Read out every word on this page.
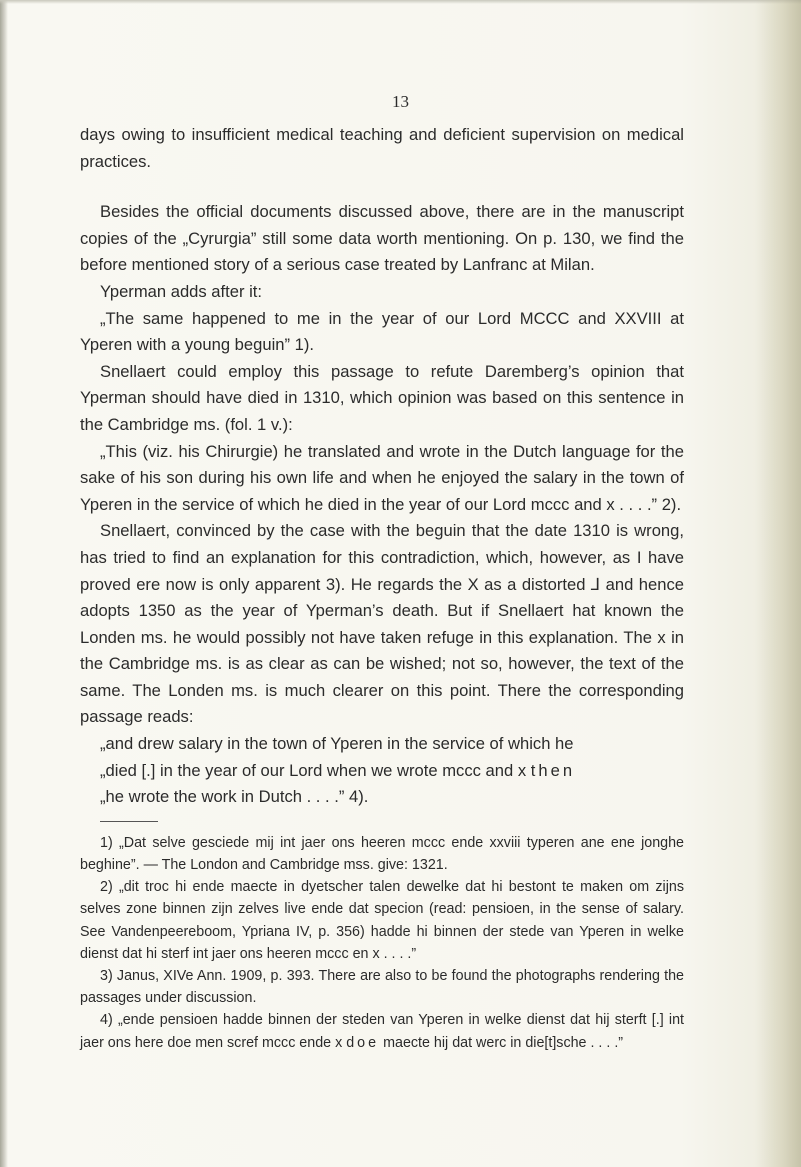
13

days owing to insufficient medical teaching and deficient supervision on medical practices.

Besides the official documents discussed above, there are in the manuscript copies of the „Cyrurgia” still some data worth mentioning. On p. 130, we find the before mentioned story of a serious case treated by Lanfranc at Milan.

Yperman adds after it:

„The same happened to me in the year of our Lord MCCC and XXVIII at Yperen with a young beguin” 1).

Snellaert could employ this passage to refute Daremberg’s opinion that Yperman should have died in 1310, which opinion was based on this sentence in the Cambridge ms. (fol. 1 v.):

„This (viz. his Chirurgie) he translated and wrote in the Dutch language for the sake of his son during his own life and when he enjoyed the salary in the town of Yperen in the service of which he died in the year of our Lord mccc and x . . . .” 2).

Snellaert, convinced by the case with the beguin that the date 1310 is wrong, has tried to find an explanation for this contradiction, which, however, as I have proved ere now is only apparent 3). He regards the X as a distorted ⅃ and hence adopts 1350 as the year of Yperman’s death. But if Snellaert hat known the Londen ms. he would possibly not have taken refuge in this explanation. The x in the Cambridge ms. is as clear as can be wished; not so, however, the text of the same. The Londen ms. is much clearer on this point. There the corresponding passage reads:

„and drew salary in the town of Yperen in the service of which he

„died [.] in the year of our Lord when we wrote mccc and x then

„he wrote the work in Dutch . . . .” 4).

1) „Dat selve gesciede mij int jaer ons heeren mccc ende xxviii typeren ane ene jonghe beghine”. — The London and Cambridge mss. give: 1321.

2) „dit troc hi ende maecte in dyetscher talen dewelke dat hi bestont te maken om zijns selves zone binnen zijn zelves live ende dat specion (read: pensioen, in the sense of salary. See Vandenpeereboom, Ypriana IV, p. 356) hadde hi binnen der stede van Yperen in welke dienst dat hi sterf int jaer ons heeren mccc en x . . . .”

3) Janus, XIVe Ann. 1909, p. 393. There are also to be found the photographs rendering the passages under discussion.

4) „ende pensioen hadde binnen der steden van Yperen in welke dienst dat hij sterft [.] int jaer ons here doe men scref mccc ende x doe maecte hij dat werc in die[t]sche . . . .”
